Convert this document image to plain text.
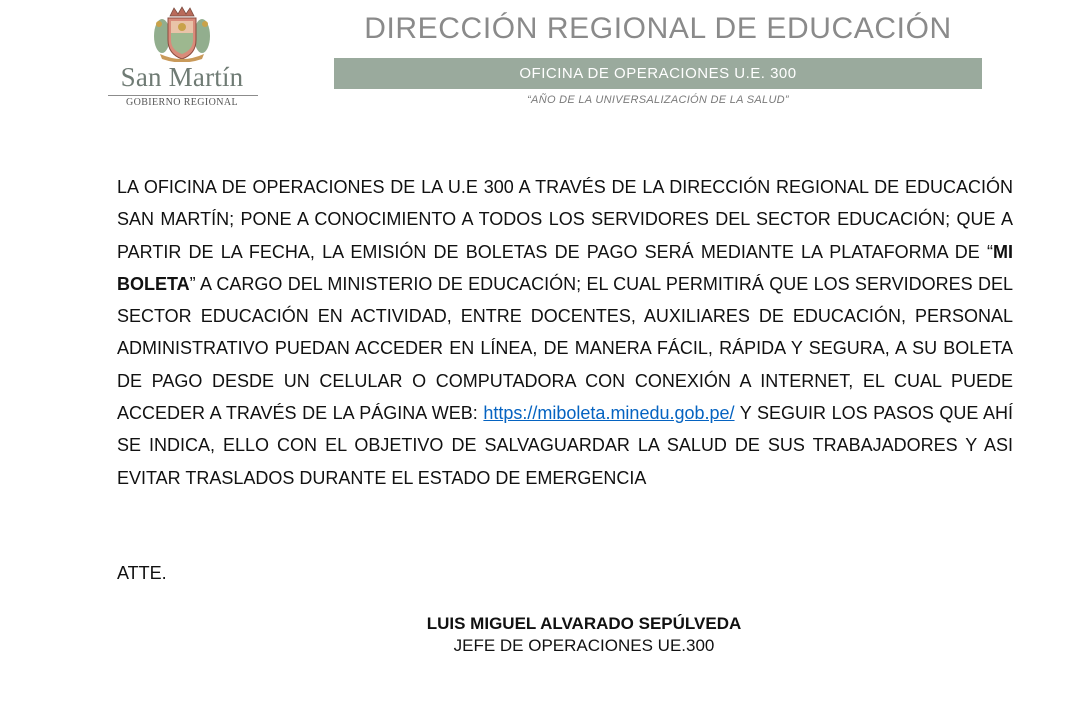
San Martín
GOBIERNO REGIONAL
DIRECCIÓN REGIONAL DE EDUCACIÓN
OFICINA DE OPERACIONES U.E. 300
“AÑO DE LA UNIVERSALIZACIÓN DE LA SALUD”
LA OFICINA DE OPERACIONES DE LA U.E 300 A TRAVÉS DE LA DIRECCIÓN REGIONAL DE EDUCACIÓN SAN MARTÍN; PONE A CONOCIMIENTO A TODOS LOS SERVIDORES DEL SECTOR EDUCACIÓN; QUE A PARTIR DE LA FECHA, LA EMISIÓN DE BOLETAS DE PAGO SERÁ MEDIANTE LA PLATAFORMA DE “MI BOLETA” A CARGO DEL MINISTERIO DE EDUCACIÓN; EL CUAL PERMITIRÁ QUE LOS SERVIDORES DEL SECTOR EDUCACIÓN EN ACTIVIDAD, ENTRE DOCENTES, AUXILIARES DE EDUCACIÓN, PERSONAL ADMINISTRATIVO PUEDAN ACCEDER EN LÍNEA, DE MANERA FÁCIL, RÁPIDA Y SEGURA, A SU BOLETA DE PAGO DESDE UN CELULAR O COMPUTADORA CON CONEXIÓN A INTERNET, EL CUAL PUEDE ACCEDER A TRAVÉS DE LA PÁGINA WEB: https://miboleta.minedu.gob.pe/ Y SEGUIR LOS PASOS QUE AHÍ SE INDICA, ELLO CON EL OBJETIVO DE SALVAGUARDAR LA SALUD DE SUS TRABAJADORES Y ASI EVITAR TRASLADOS DURANTE EL ESTADO DE EMERGENCIA
ATTE.
LUIS MIGUEL ALVARADO SEPÚLVEDA
JEFE DE OPERACIONES UE.300
